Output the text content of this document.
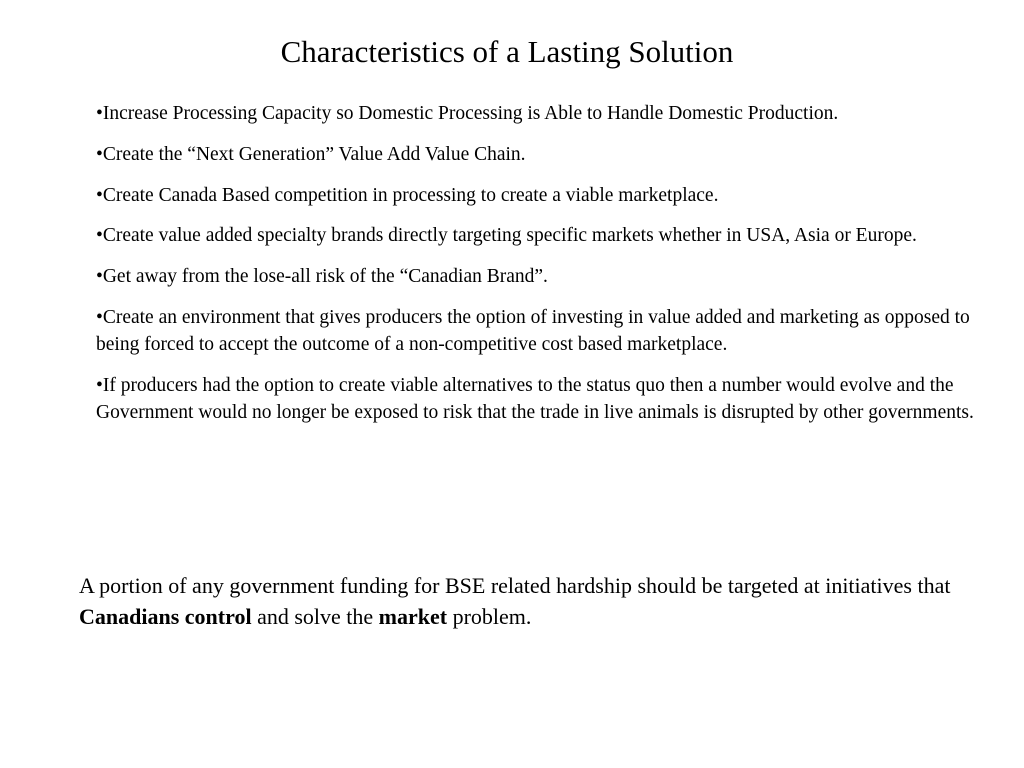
Characteristics of a Lasting Solution
•Increase Processing Capacity so Domestic Processing is Able to Handle Domestic Production.
•Create the “Next Generation” Value Add Value Chain.
•Create Canada Based competition in processing to create a viable marketplace.
•Create value added specialty brands directly targeting specific markets whether in USA, Asia or Europe.
•Get away from the lose-all risk of the “Canadian Brand”.
•Create an environment that gives producers the option of investing in value added and marketing as opposed to being forced to accept the outcome of a non-competitive cost based marketplace.
•If producers had the option to create viable alternatives to the status quo then a number would evolve and the Government would no longer be exposed to risk that the trade in live animals is disrupted by other governments.

A portion of any government funding for BSE related hardship should be targeted at initiatives that Canadians control and solve the market problem.
